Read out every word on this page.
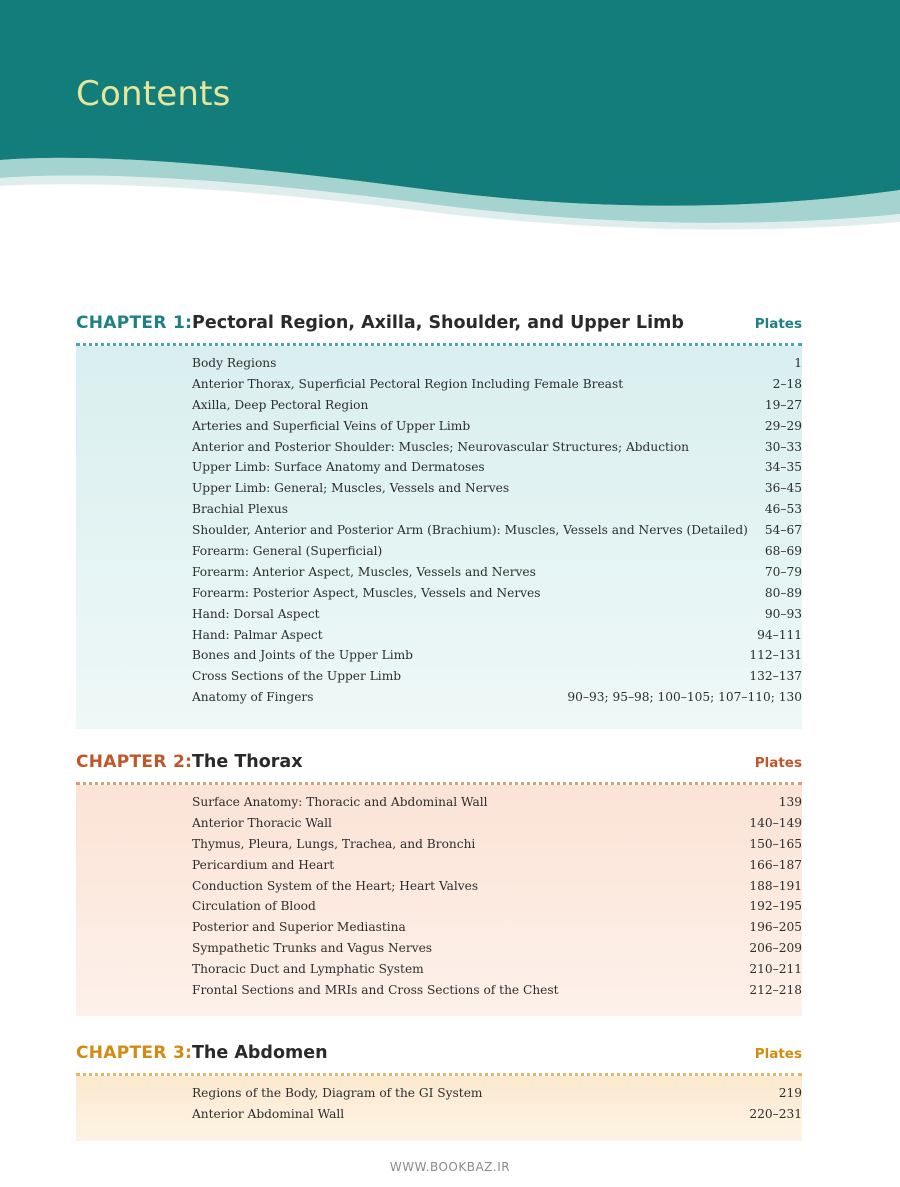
Contents
CHAPTER 1: Pectoral Region, Axilla, Shoulder, and Upper Limb	Plates
Body Regions	1
Anterior Thorax, Superficial Pectoral Region Including Female Breast	2–18
Axilla, Deep Pectoral Region	19–27
Arteries and Superficial Veins of Upper Limb	29–29
Anterior and Posterior Shoulder: Muscles; Neurovascular Structures; Abduction	30–33
Upper Limb: Surface Anatomy and Dermatoses	34–35
Upper Limb: General; Muscles, Vessels and Nerves	36–45
Brachial Plexus	46–53
Shoulder, Anterior and Posterior Arm (Brachium): Muscles, Vessels and Nerves (Detailed) 54–67
Forearm: General (Superficial)	68–69
Forearm: Anterior Aspect, Muscles, Vessels and Nerves	70–79
Forearm: Posterior Aspect, Muscles, Vessels and Nerves	80–89
Hand: Dorsal Aspect	90–93
Hand: Palmar Aspect	94–111
Bones and Joints of the Upper Limb	112–131
Cross Sections of the Upper Limb	132–137
Anatomy of Fingers	90–93; 95–98; 100–105; 107–110; 130
CHAPTER 2: The Thorax	Plates
Surface Anatomy: Thoracic and Abdominal Wall	139
Anterior Thoracic Wall	140–149
Thymus, Pleura, Lungs, Trachea, and Bronchi	150–165
Pericardium and Heart	166–187
Conduction System of the Heart; Heart Valves	188–191
Circulation of Blood	192–195
Posterior and Superior Mediastina	196–205
Sympathetic Trunks and Vagus Nerves	206–209
Thoracic Duct and Lymphatic System	210–211
Frontal Sections and MRIs and Cross Sections of the Chest	212–218
CHAPTER 3: The Abdomen	Plates
Regions of the Body, Diagram of the GI System	219
Anterior Abdominal Wall	220–231
WWW.BOOKBAZ.IR
